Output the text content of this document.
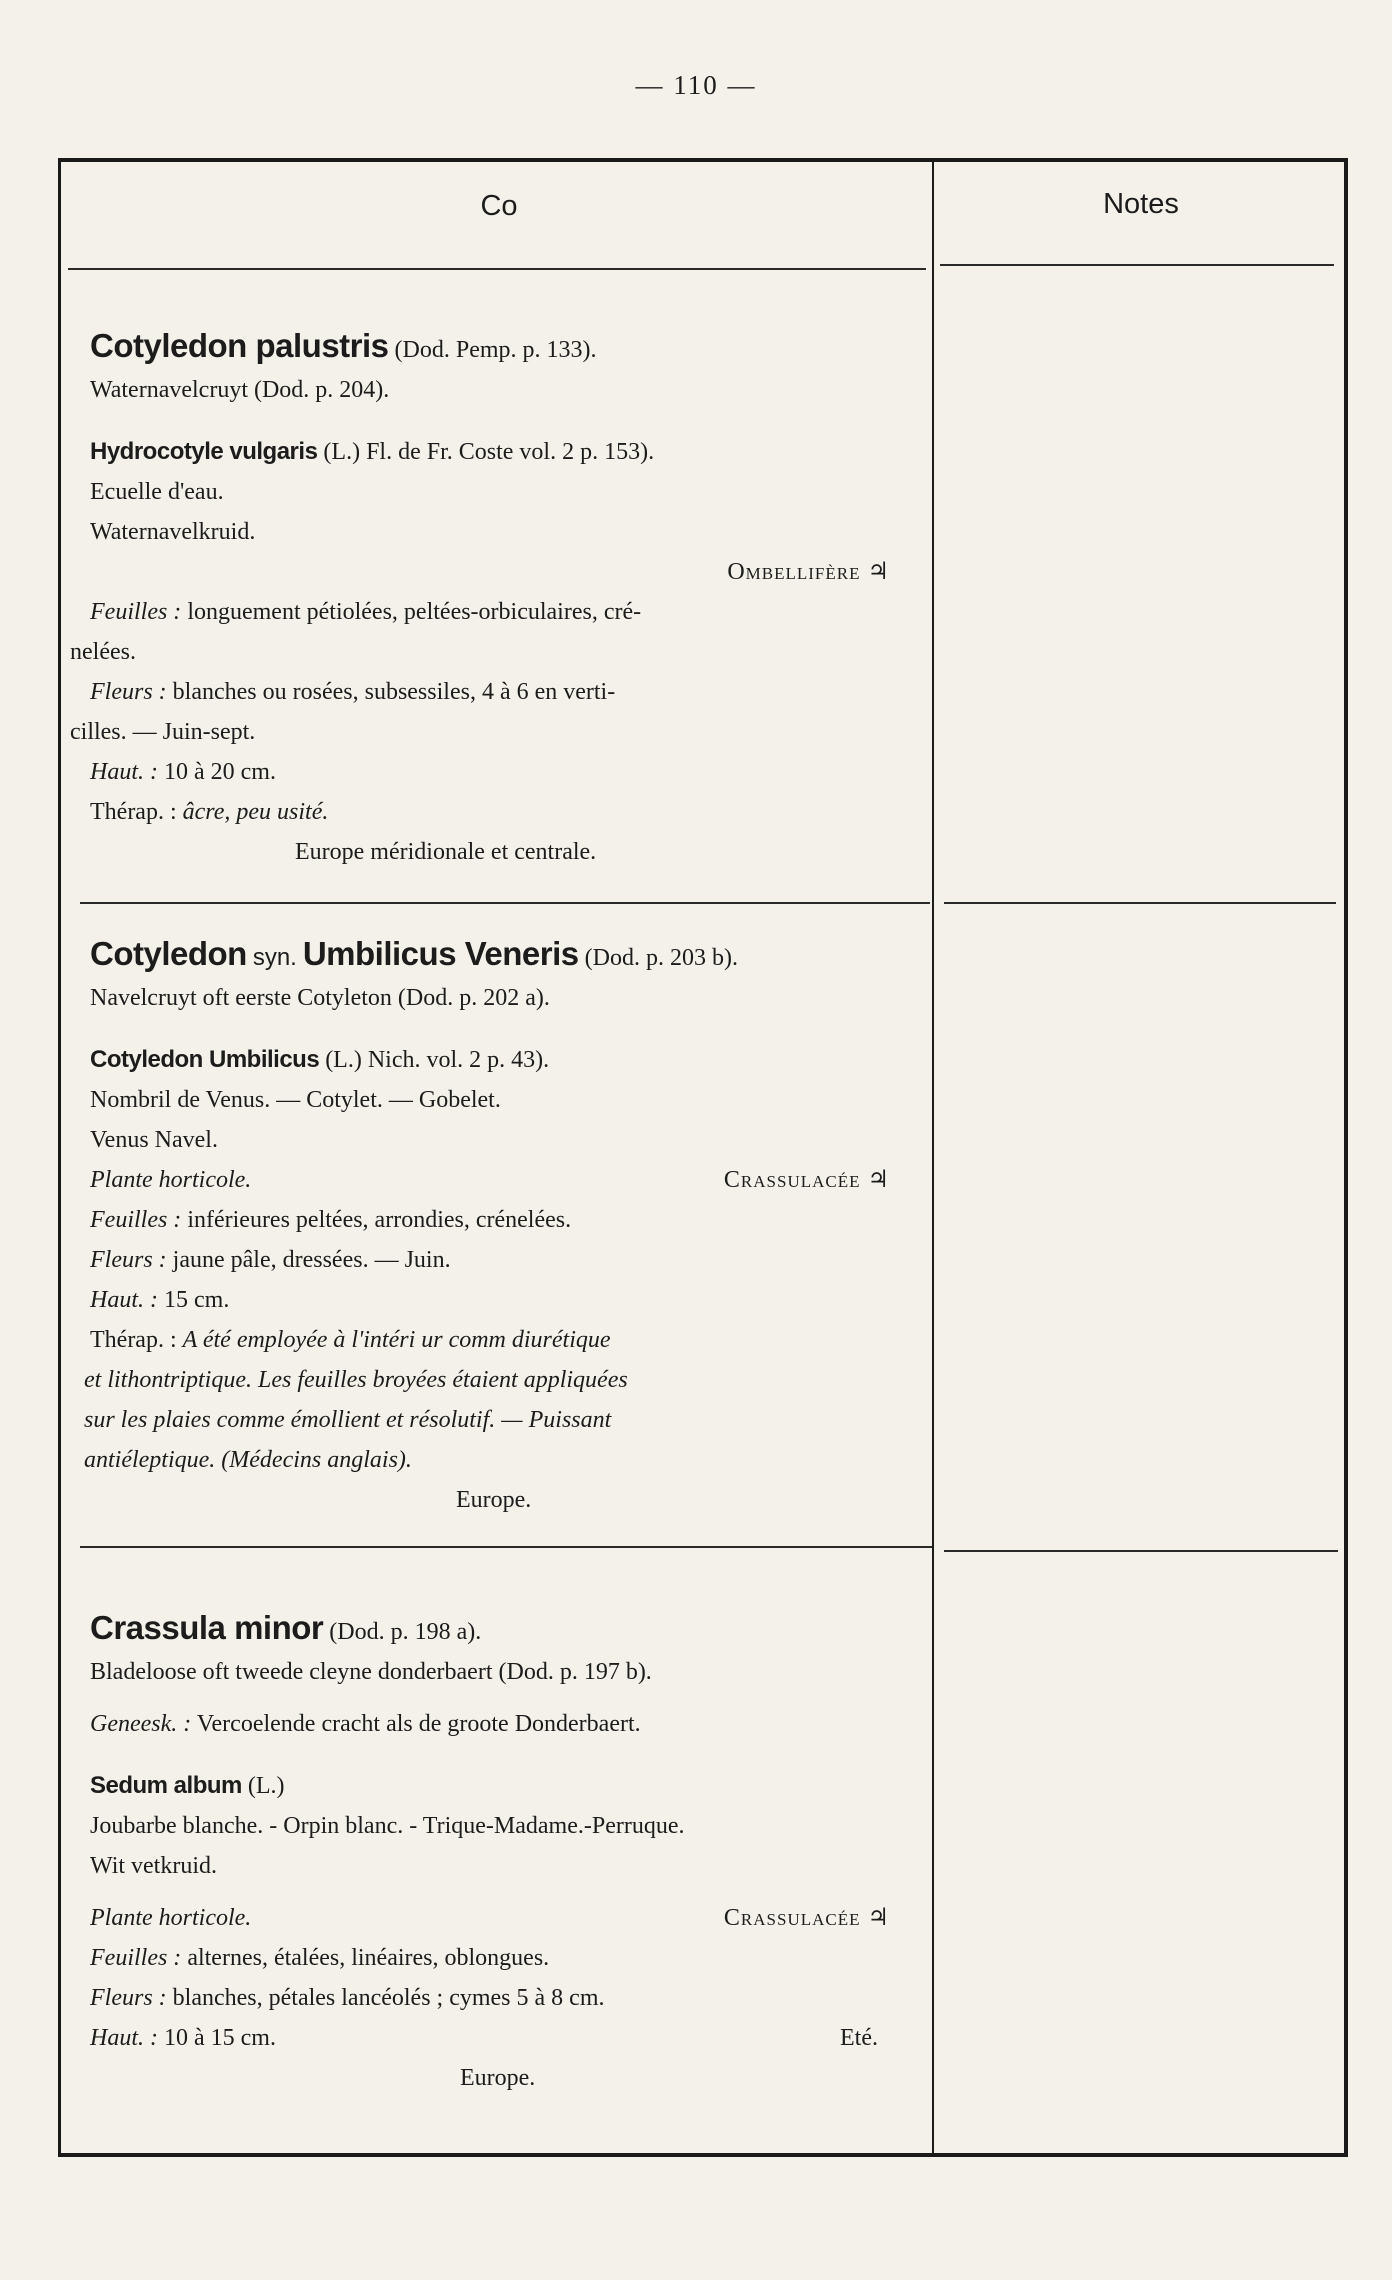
— 110 —
Co	Notes
Cotyledon palustris (Dod. Pemp. p. 133).
Waternavelcruyt (Dod. p. 204).
Hydrocotyle vulgaris (L.) Fl. de Fr. Coste vol. 2 p. 153).
Ecuelle d'eau.
Waternavelkruid.
Ombellifère ♃
Feuilles : longuement pétiolées, peltées-orbiculaires, cré-
nelées.
Fleurs : blanches ou rosées, subsessiles, 4 à 6 en verti-
cilles. — Juin-sept.
Haut. : 10 à 20 cm.
Thérap. : âcre, peu usité.
Europe méridionale et centrale.
Cotyledon syn. Umbilicus Veneris (Dod. p. 203 b).
Navelcruyt oft eerste Cotyleton (Dod. p. 202 a).
Cotyledon Umbilicus (L.) Nich. vol. 2 p. 43).
Nombril de Venus. — Cotylet. — Gobelet.
Venus Navel.
Plante horticole.	Crassulacée ♃
Feuilles : inférieures peltées, arrondies, crénelées.
Fleurs : jaune pâle, dressées. — Juin.
Haut. : 15 cm.
Thérap. : A été employée à l'intéri ur comm diurétique
et lithontriptique. Les feuilles broyées étaient appliquées
sur les plaies comme émollient et résolutif. — Puissant
antiéleptique. (Médecins anglais).
Europe.
Crassula minor (Dod. p. 198 a).
Bladeloose oft tweede cleyne donderbaert (Dod. p. 197 b).
Geneesk. : Vercoelende cracht als de groote Donderbaert.
Sedum album (L.)
Joubarbe blanche. - Orpin blanc. - Trique-Madame.-Perruque.
Wit vetkruid.
Plante horticole.	Crassulacée ♃
Feuilles : alternes, étalées, linéaires, oblongues.
Fleurs : blanches, pétales lancéolés ; cymes 5 à 8 cm.
Haut. : 10 à 15 cm.	Eté.
Europe.
